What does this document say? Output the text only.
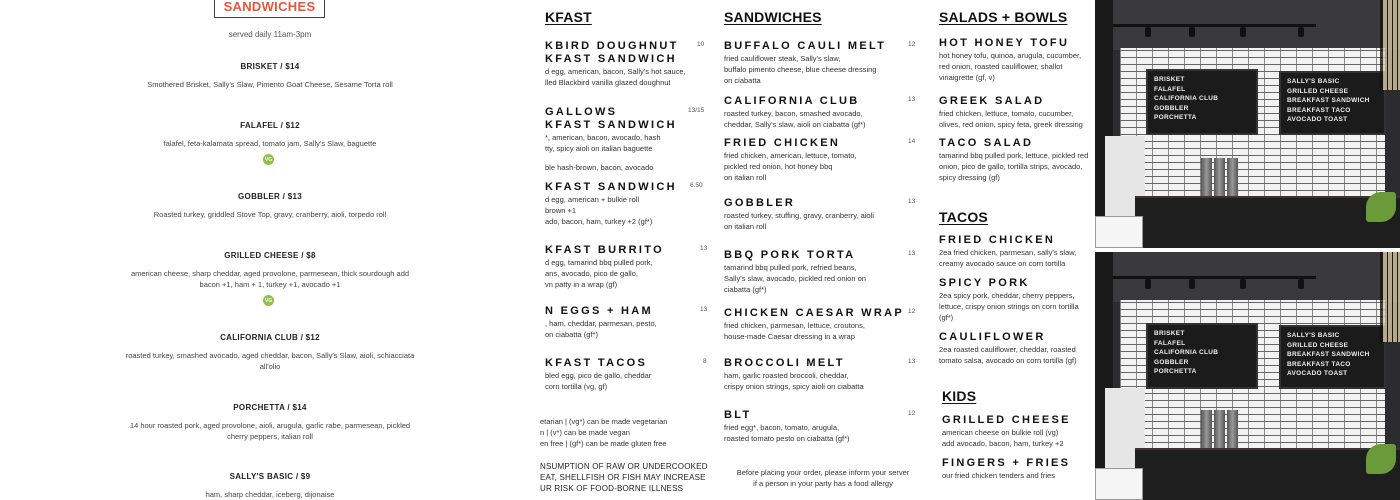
SANDWICHES
served daily 11am-3pm
BRISKET / $14
Smothered Brisket, Sally's Slaw, Pimento Goat Cheese, Sesame Torta roll
FALAFEL / $12
falafel, feta-kalamata spread, tomato jam, Sally's Slaw, baguette
VG
GOBBLER / $13
Roasted turkey, griddled Stove Top, gravy, cranberry, aioli, torpedo roll
GRILLED CHEESE / $8
american cheese, sharp cheddar, aged provolone, parmesean, thick sourdough add bacon +1, ham + 1, turkey +1, avocado +1
VG
CALIFORNIA CLUB / $12
roasted turkey, smashed avocado, aged cheddar, bacon, Sally's Slaw, aioli, schiacciata all'olio
PORCHETTA / $14
14 hour roasted pork, aged provolone, aioli, arugula, garlic rabe, parmesean, pickled cherry peppers, italian roll
SALLY'S BASIC / $9
ham, sharp cheddar, iceberg, dijonaise
KFAST
KBIRD DOUGHNUT
KFAST SANDWICH
d egg, american, bacon, Sally's hot sauce,
lled Blackbird vanilla glazed doughnut
10
GALLOWS
KFAST SANDWICH
*, american, bacon, avocado, hash
tty, spicy aioli on italian baguette
ble hash-brown, bacon, avocado
13/15
KFAST SANDWICH
d egg, american + bulkie roll
brown +1
ado, bacon, ham, turkey +2 (gf*)
6.50
KFAST BURRITO
d egg, tamarind bbq pulled pork,
ans, avocado, pico de gallo,
vn patty in a wrap (gf)
13
N EGGS + HAM
, ham, cheddar, parmesan, pesto,
on ciabatta (gf*)
13
KFAST TACOS
bled egg, pico de gallo, cheddar
corn tortilla (vg, gf)
8
etarian | (vg*) can be made vegetarian
n | (v*) can be made vegan
en free | (gf*) can be made gluten free
NSUMPTION OF RAW OR UNDERCOOKED
EAT, SHELLFISH OR FISH MAY INCREASE
UR RISK OF FOOD-BORNE ILLNESS
SANDWICHES
BUFFALO CAULI MELT
fried cauliflower steak, Sally's slaw,
buffalo pimento cheese, blue cheese dressing
on ciabatta
12
CALIFORNIA CLUB
roasted turkey, bacon, smashed avocado,
cheddar, Sally's slaw, aioli on ciabatta (gf*)
13
FRIED CHICKEN
fried chicken, american, lettuce, tomato,
pickled red onion, hot honey bbq
on italian roll
14
GOBBLER
roasted turkey, stuffing, gravy, cranberry, aioli
on italian roll
13
BBQ PORK TORTA
tamarind bbq pulled pork, refried beans,
Sally's slaw, avocado, pickled red onion on
ciabatta (gf*)
13
CHICKEN CAESAR WRAP
fried chicken, parmesan, lettuce, croutons,
house-made Caesar dressing in a wrap
12
BROCCOLI MELT
ham, garlic roasted broccoli, cheddar,
crispy onion strings, spicy aioli on ciabatta
13
BLT
fried egg*, bacon, tomato, arugula,
roasted tomato pesto on ciabatta (gf*)
12
Before placing your order, please inform your server
if a person in your party has a food allergy
SALADS + BOWLS
HOT HONEY TOFU
hot honey tofu, quinoa, arugula, cucumber,
red onion, roasted cauliflower, shallot
vinaigrette (gf, v)
GREEK SALAD
fried chicken, lettuce, tomato, cucumber,
olives, red onion, spicy feta, greek dressing
TACO SALAD
tamarind bbq pulled pork, lettuce, pickled red
onion, pico de gallo, tortilla strips, avocado,
spicy dressing (gf)
TACOS
FRIED CHICKEN
2ea fried chicken, parmesan, sally's slaw,
creamy avocado sauce on corn tortilla
SPICY PORK
2ea spicy pork, cheddar, cherry peppers,
lettuce, crispy onion strings on corn tortilla
(gf*)
CAULIFLOWER
2ea roasted cauliflower, cheddar, roasted
tomato salsa, avocado on corn tortilla (gf)
KIDS
GRILLED CHEESE
american cheese on bulkie roll (vg)
add avocado, bacon, ham, turkey +2
FINGERS + FRIES
our fried chicken tenders and fries
BRISKET
FALAFEL
CALIFORNIA CLUB
GOBBLER
PORCHETTA
SALLY'S BASIC
GRILLED CHEESE
BREAKFAST SANDWICH
BREAKFAST TACO
AVOCADO TOAST
BRISKET
FALAFEL
CALIFORNIA CLUB
GOBBLER
PORCHETTA
SALLY'S BASIC
GRILLED CHEESE
BREAKFAST SANDWICH
BREAKFAST TACO
AVOCADO TOAST
